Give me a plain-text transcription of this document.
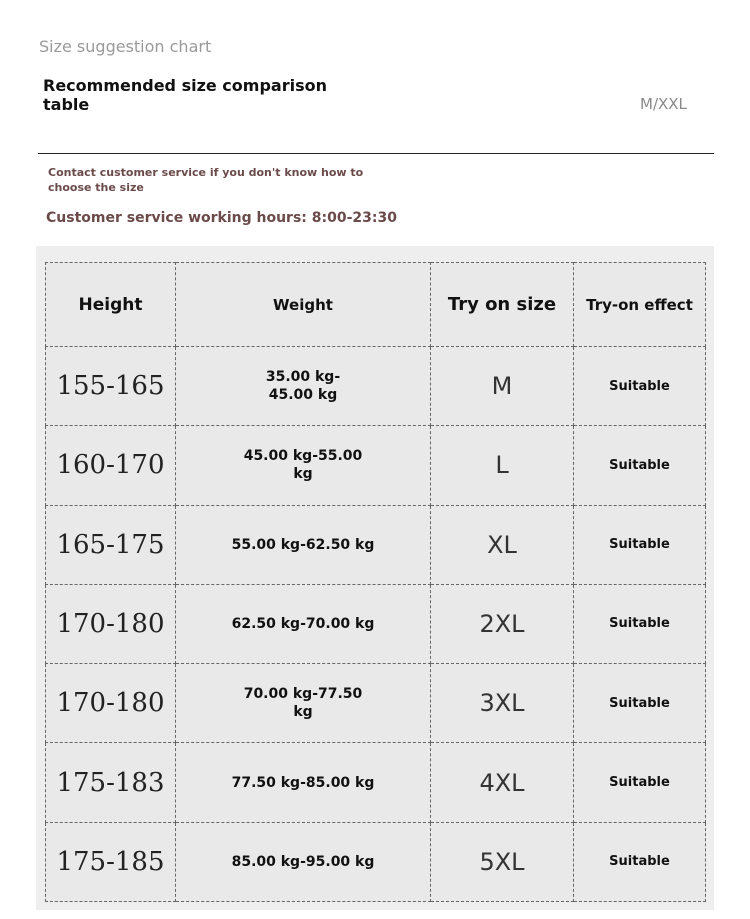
Size suggestion chart
Recommended size comparison table	M/XXL
Contact customer service if you don't know how to choose the size
Customer service working hours: 8:00-23:30
Height	Weight	Try on size	Try-on effect
155-165	35.00 kg-45.00 kg	M	Suitable
160-170	45.00 kg-55.00 kg	L	Suitable
165-175	55.00 kg-62.50 kg	XL	Suitable
170-180	62.50 kg-70.00 kg	2XL	Suitable
170-180	70.00 kg-77.50 kg	3XL	Suitable
175-183	77.50 kg-85.00 kg	4XL	Suitable
175-185	85.00 kg-95.00 kg	5XL	Suitable
